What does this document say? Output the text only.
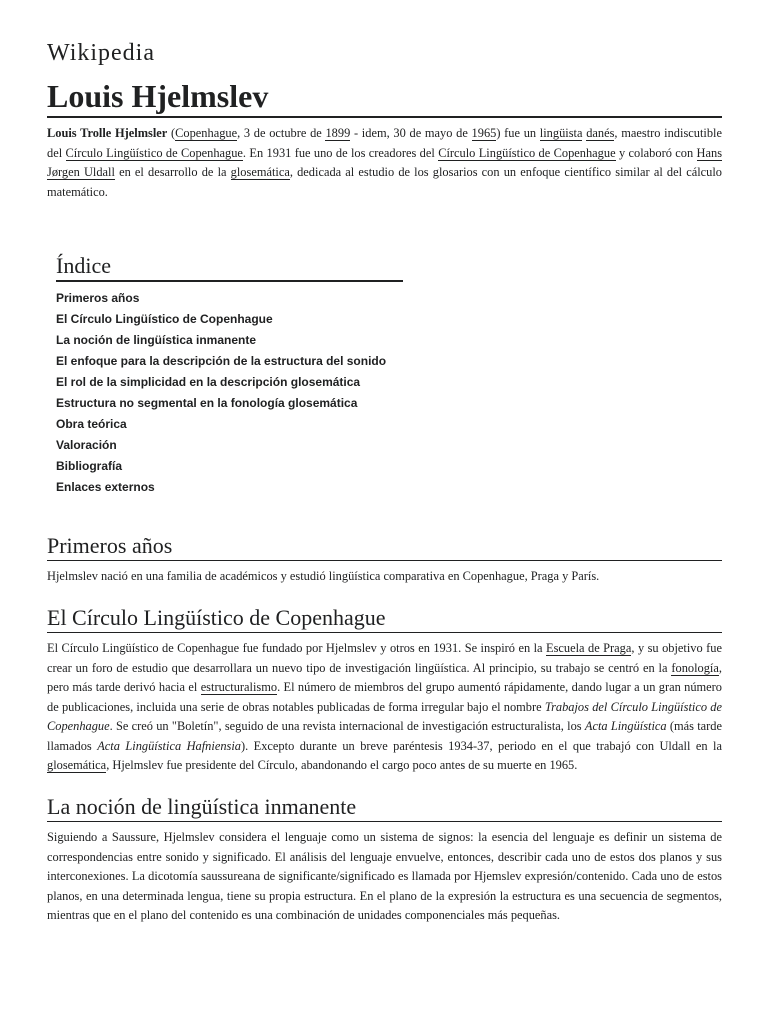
Wikipedia
Louis Hjelmslev

Louis Trolle Hjelmsler (Copenhague, 3 de octubre de 1899 - idem, 30 de mayo de 1965) fue un lingüista danés, maestro indiscutible del Círculo Lingüístico de Copenhague. En 1931 fue uno de los creadores del Círculo Lingüístico de Copenhague y colaboró con Hans Jørgen Uldall en el desarrollo de la glosemática, dedicada al estudio de los glosarios con un enfoque científico similar al del cálculo matemático.

Índice
Primeros años
El Círculo Lingüístico de Copenhague
La noción de lingüística inmanente
El enfoque para la descripción de la estructura del sonido
El rol de la simplicidad en la descripción glosemática
Estructura no segmental en la fonología glosemática
Obra teórica
Valoración
Bibliografía
Enlaces externos
Primeros años

Hjelmslev nació en una familia de académicos y estudió lingüística comparativa en Copenhague, Praga y París.

El Círculo Lingüístico de Copenhague

El Círculo Lingüístico de Copenhague fue fundado por Hjelmslev y otros en 1931. Se inspiró en la Escuela de Praga, y su objetivo fue crear un foro de estudio que desarrollara un nuevo tipo de investigación lingüística. Al principio, su trabajo se centró en la fonología, pero más tarde derivó hacia el estructuralismo. El número de miembros del grupo aumentó rápidamente, dando lugar a un gran número de publicaciones, incluida una serie de obras notables publicadas de forma irregular bajo el nombre Trabajos del Círculo Lingüístico de Copenhague. Se creó un "Boletín", seguido de una revista internacional de investigación estructuralista, los Acta Lingüística (más tarde llamados Acta Lingüística Hafniensia). Excepto durante un breve paréntesis 1934-37, periodo en el que trabajó con Uldall en la glosemática, Hjelmslev fue presidente del Círculo, abandonando el cargo poco antes de su muerte en 1965.

La noción de lingüística inmanente

Siguiendo a Saussure, Hjelmslev considera el lenguaje como un sistema de signos: la esencia del lenguaje es definir un sistema de correspondencias entre sonido y significado. El análisis del lenguaje envuelve, entonces, describir cada uno de estos dos planos y sus interconexiones. La dicotomía saussureana de significante/significado es llamada por Hjemslev expresión/contenido. Cada uno de estos planos, en una determinada lengua, tiene su propia estructura. En el plano de la expresión la estructura es una secuencia de segmentos, mientras que en el plano del contenido es una combinación de unidades componenciales más pequeñas.
